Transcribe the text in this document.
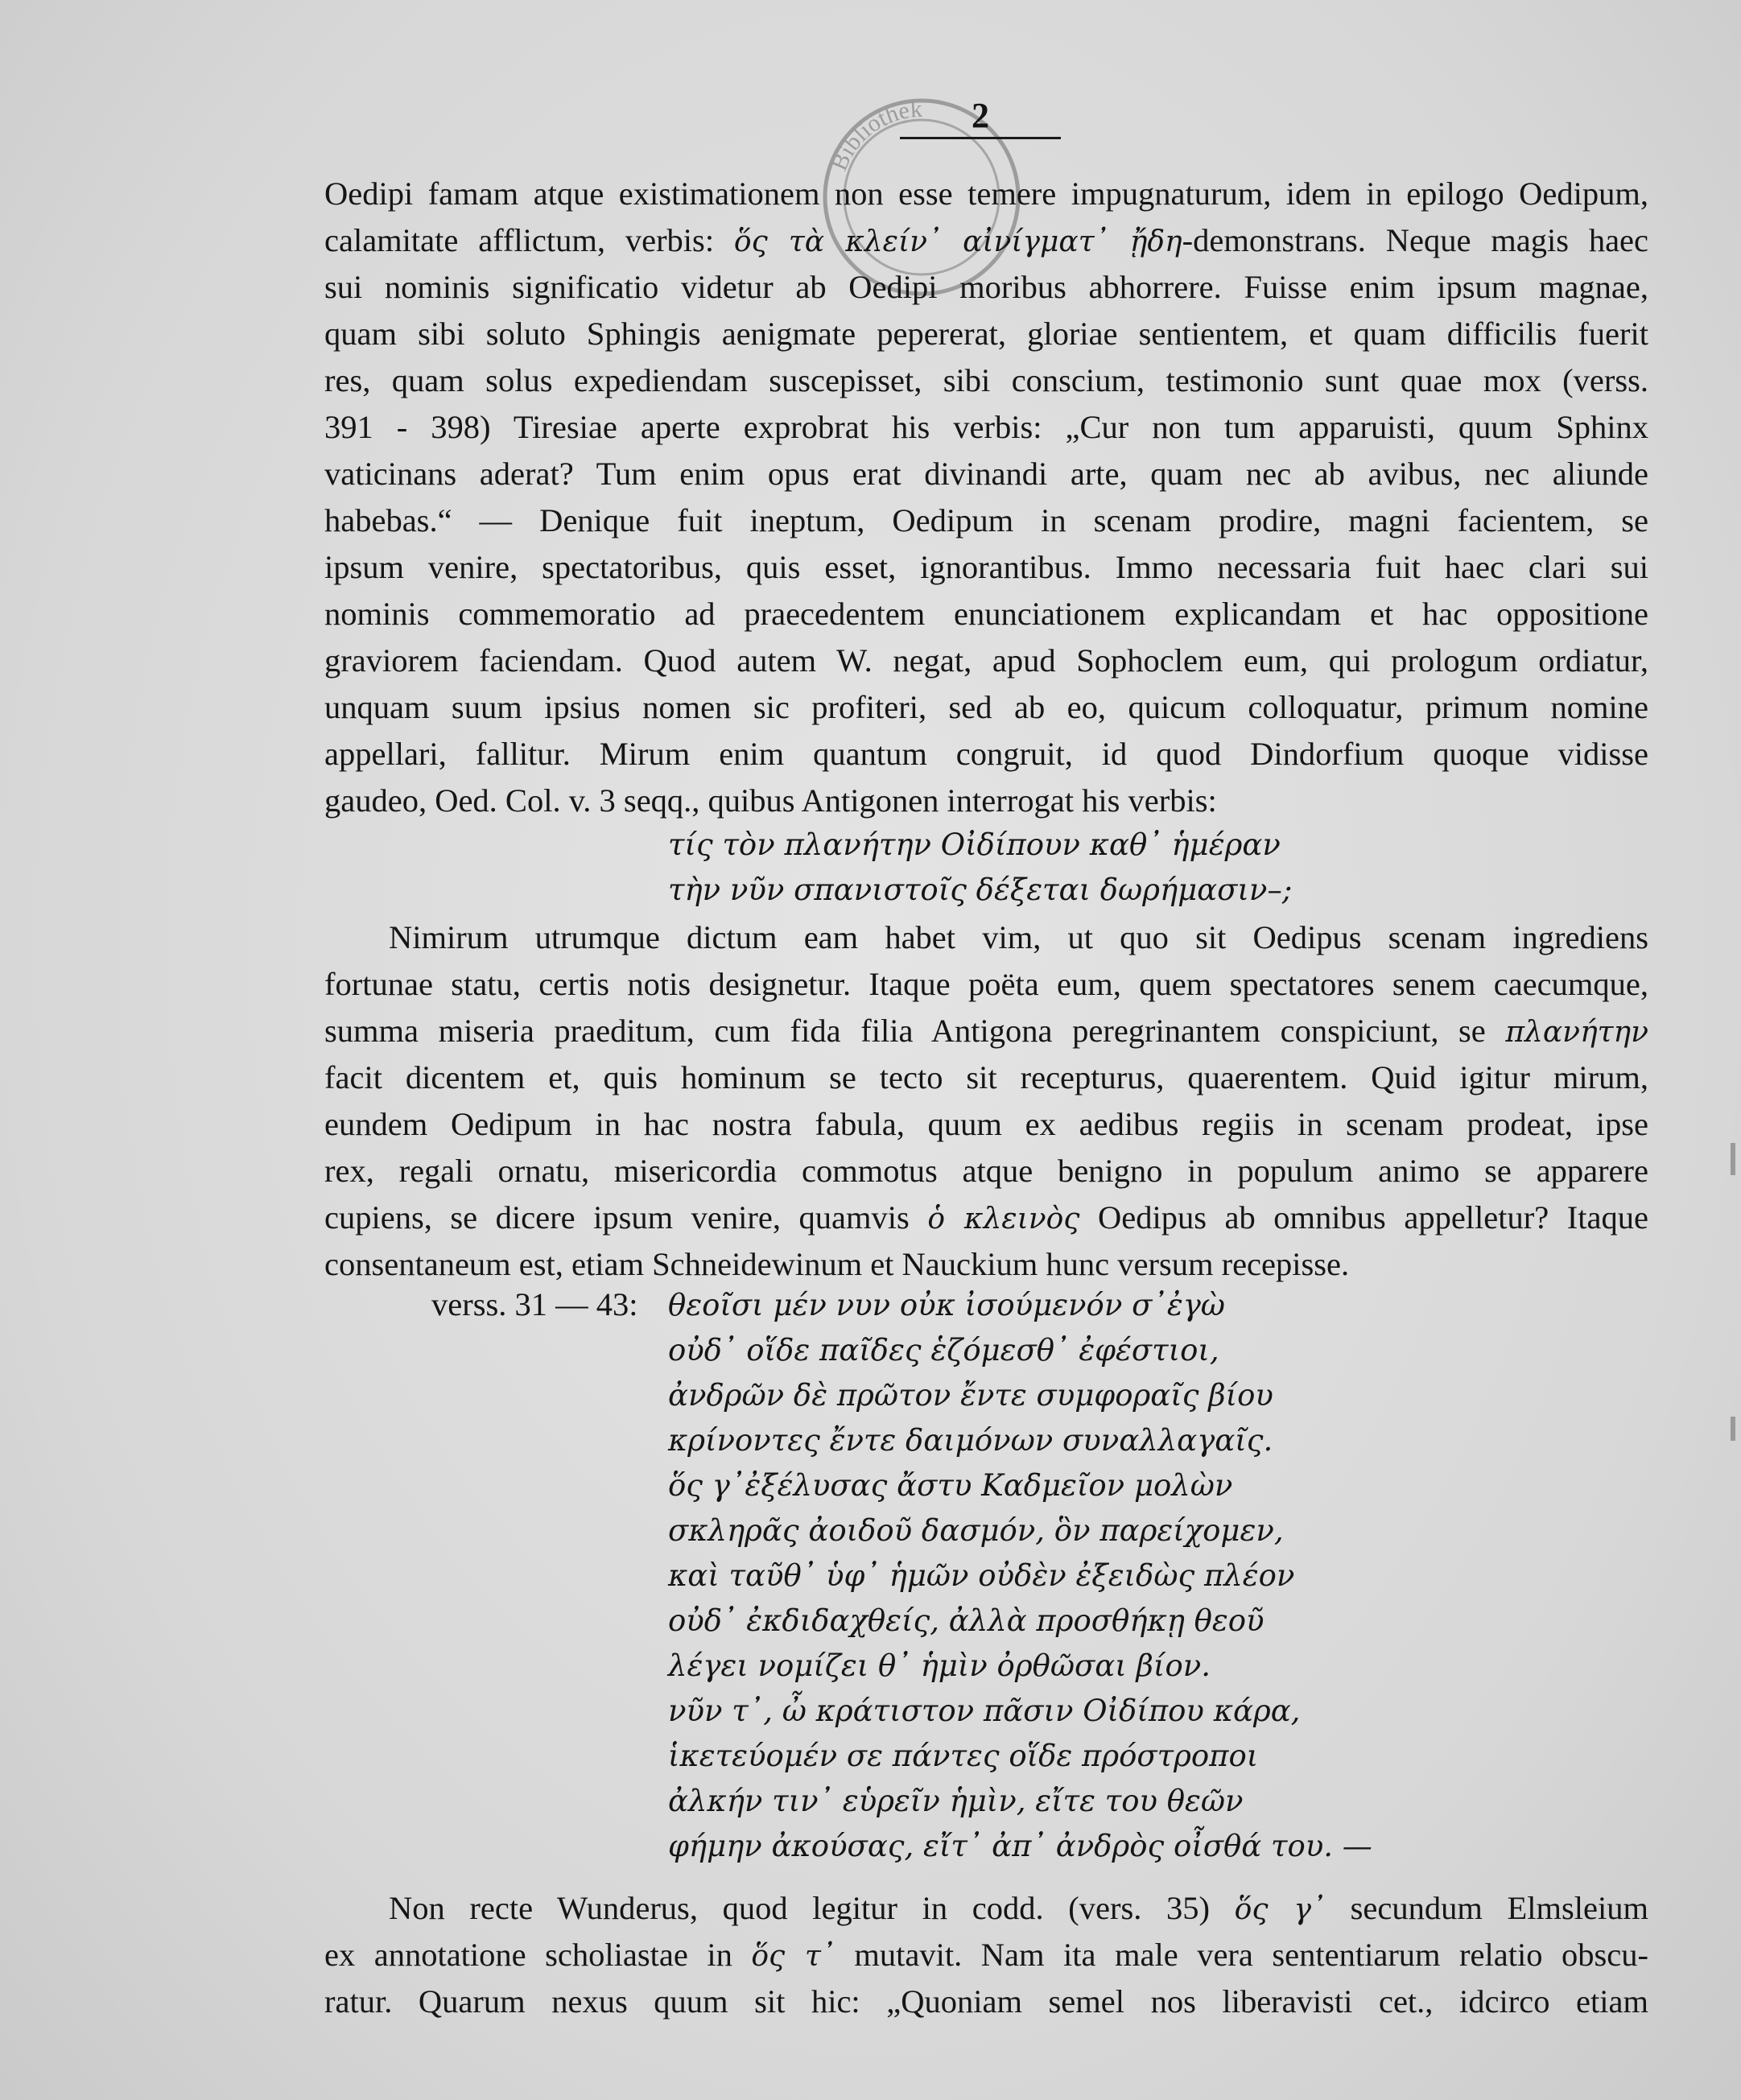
Bibliothek	2
Oedipi famam atque existimationem non esse temere impugnaturum, idem in epilogo Oedipum,
calamitate afflictum, verbis: ὅς τὰ κλείν᾽ αἰνίγματ᾽ ᾔδη-demonstrans. Neque magis haec
sui nominis significatio videtur ab Oedipi moribus abhorrere. Fuisse enim ipsum magnae,
quam sibi soluto Sphingis aenigmate pepererat, gloriae sentientem, et quam difficilis fuerit
res, quam solus expediendam suscepisset, sibi conscium, testimonio sunt quae mox (verss.
391 - 398) Tiresiae aperte exprobrat his verbis: „Cur non tum apparuisti, quum Sphinx
vaticinans aderat? Tum enim opus erat divinandi arte, quam nec ab avibus, nec aliunde
habebas.“ — Denique fuit ineptum, Oedipum in scenam prodire, magni facientem, se
ipsum venire, spectatoribus, quis esset, ignorantibus. Immo necessaria fuit haec clari sui
nominis commemoratio ad praecedentem enunciationem explicandam et hac oppositione
graviorem faciendam. Quod autem W. negat, apud Sophoclem eum, qui prologum ordiatur,
unquam suum ipsius nomen sic profiteri, sed ab eo, quicum colloquatur, primum nomine
appellari, fallitur. Mirum enim quantum congruit, id quod Dindorfium quoque vidisse
gaudeo, Oed. Col. v. 3 seqq., quibus Antigonen interrogat his verbis:
τίς τὸν πλανήτην Οἰδίπουν καθ᾽ ἡμέραν
τὴν νῦν σπανιστοῖς δέξεται δωρήμασιν–;
Nimirum utrumque dictum eam habet vim, ut quo sit Oedipus scenam ingrediens
fortunae statu, certis notis designetur. Itaque poëta eum, quem spectatores senem caecumque,
summa miseria praeditum, cum fida filia Antigona peregrinantem conspiciunt, se πλανήτην
facit dicentem et, quis hominum se tecto sit recepturus, quaerentem. Quid igitur mirum,
eundem Oedipum in hac nostra fabula, quum ex aedibus regiis in scenam prodeat, ipse
rex, regali ornatu, misericordia commotus atque benigno in populum animo se apparere
cupiens, se dicere ipsum venire, quamvis ὁ κλεινὸς Oedipus ab omnibus appelletur? Itaque
consentaneum est, etiam Schneidewinum et Nauckium hunc versum recepisse.
verss. 31 — 43: θεοῖσι μέν νυν οὐκ ἰσούμενόν σ᾽ἐγὼ
οὐδ᾽ οἵδε παῖδες ἑζόμεσθ᾽ ἐφέστιοι,
ἀνδρῶν δὲ πρῶτον ἔντε συμφοραῖς βίου
κρίνοντες ἔντε δαιμόνων συναλλαγαῖς.
ὅς γ᾽ἐξέλυσας ἄστυ Καδμεῖον μολὼν
σκληρᾶς ἀοιδοῦ δασμόν, ὃν παρείχομεν,
καὶ ταῦθ᾽ ὑφ᾽ ἡμῶν οὐδὲν ἐξειδὼς πλέον
οὐδ᾽ ἐκδιδαχθείς, ἀλλὰ προσθήκῃ θεοῦ
λέγει νομίζει θ᾽ ἡμὶν ὀρθῶσαι βίον.
νῦν τ᾽, ὦ κράτιστον πᾶσιν Οἰδίπου κάρα,
ἱκετεύομέν σε πάντες οἵδε πρόστροποι
ἀλκήν τιν᾽ εὑρεῖν ἡμὶν, εἴτε του θεῶν
φήμην ἀκούσας, εἴτ᾽ ἀπ᾽ ἀνδρὸς οἶσθά του. —
Non recte Wunderus, quod legitur in codd. (vers. 35) ὅς γ᾽ secundum Elmsleium
ex annotatione scholiastae in ὅς τ᾽ mutavit. Nam ita male vera sententiarum relatio obscu-
ratur. Quarum nexus quum sit hic: „Quoniam semel nos liberavisti cet., idcirco etiam
